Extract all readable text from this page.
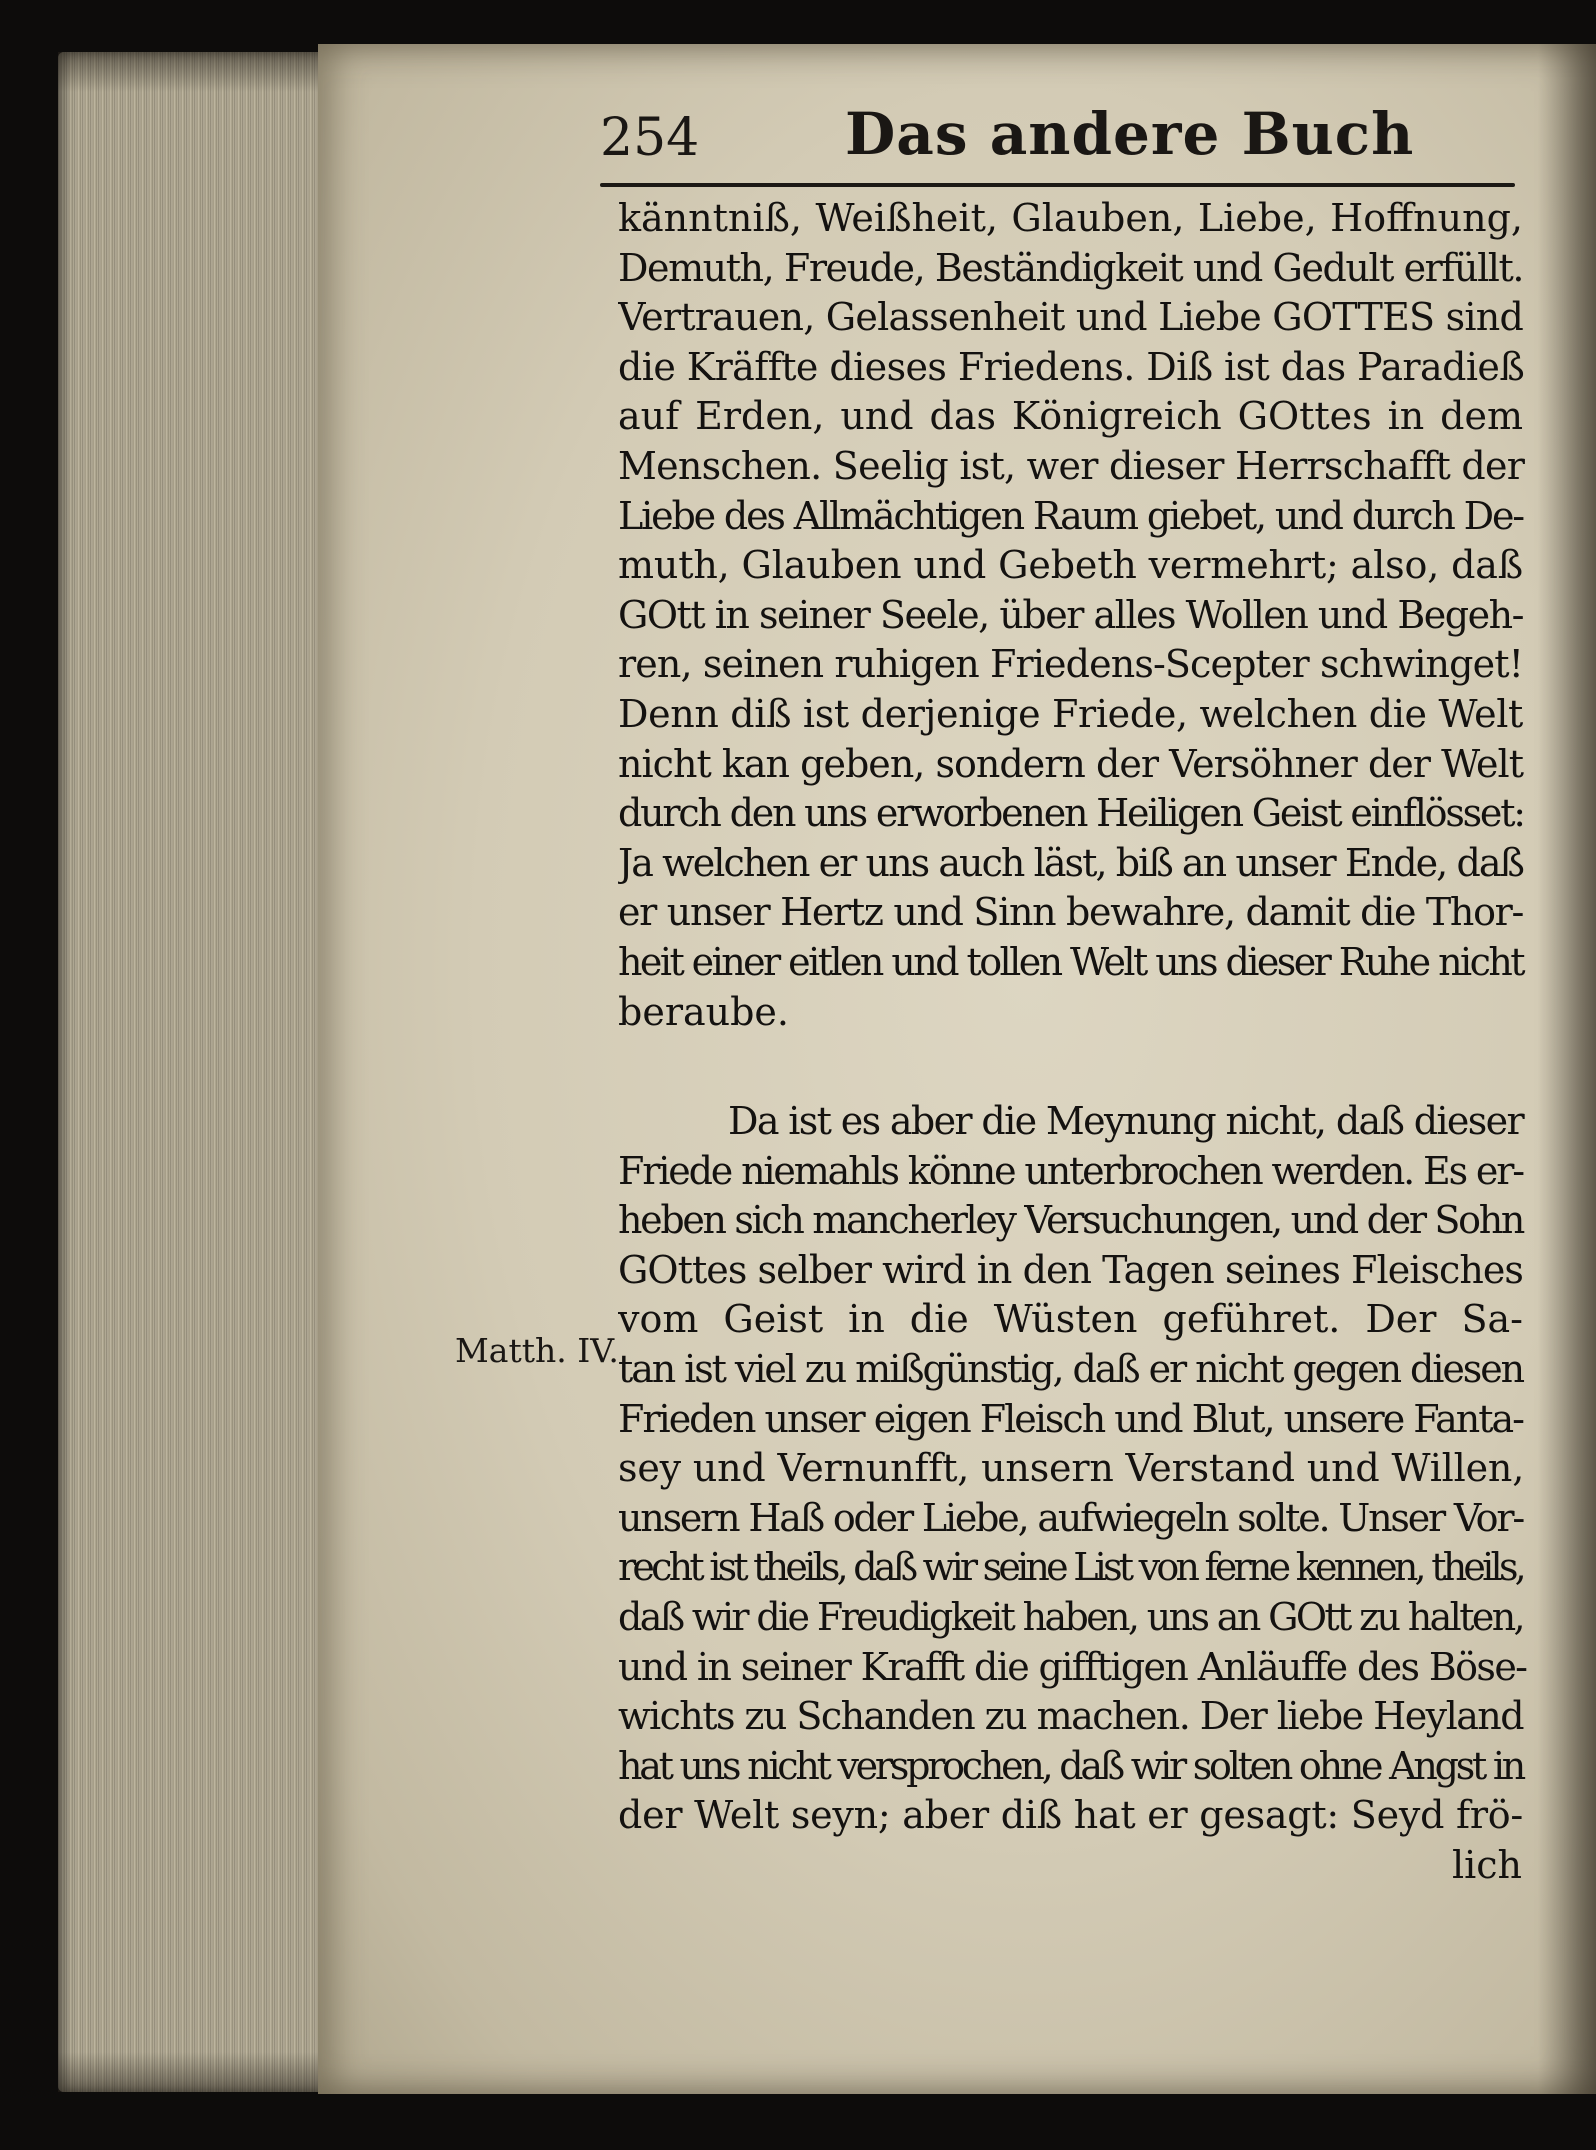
254	Das andere Buch
Matth. IV.
känntniß, Weißheit, Glauben, Liebe, Hoffnung,
Demuth, Freude, Beständigkeit und Gedult erfüllt.
Vertrauen, Gelassenheit und Liebe GOTTES sind
die Kräffte dieses Friedens. Diß ist das Paradieß
auf Erden, und das Königreich GOttes in dem
Menschen. Seelig ist, wer dieser Herrschafft der
Liebe des Allmächtigen Raum giebet, und durch De-
muth, Glauben und Gebeth vermehrt; also, daß
GOtt in seiner Seele, über alles Wollen und Begeh-
ren, seinen ruhigen Friedens-Scepter schwinget!
Denn diß ist derjenige Friede, welchen die Welt
nicht kan geben, sondern der Versöhner der Welt
durch den uns erworbenen Heiligen Geist einflösset:
Ja welchen er uns auch läst, biß an unser Ende, daß
er unser Hertz und Sinn bewahre, damit die Thor-
heit einer eitlen und tollen Welt uns dieser Ruhe nicht
beraube.
Da ist es aber die Meynung nicht, daß dieser
Friede niemahls könne unterbrochen werden. Es er-
heben sich mancherley Versuchungen, und der Sohn
GOttes selber wird in den Tagen seines Fleisches
vom Geist in die Wüsten geführet. Der Sa-
tan ist viel zu mißgünstig, daß er nicht gegen diesen
Frieden unser eigen Fleisch und Blut, unsere Fanta-
sey und Vernunfft, unsern Verstand und Willen,
unsern Haß oder Liebe, aufwiegeln solte. Unser Vor-
recht ist theils, daß wir seine List von ferne kennen, theils,
daß wir die Freudigkeit haben, uns an GOtt zu halten,
und in seiner Krafft die gifftigen Anläuffe des Böse-
wichts zu Schanden zu machen. Der liebe Heyland
hat uns nicht versprochen, daß wir solten ohne Angst in
der Welt seyn; aber diß hat er gesagt: Seyd frö-
lich
